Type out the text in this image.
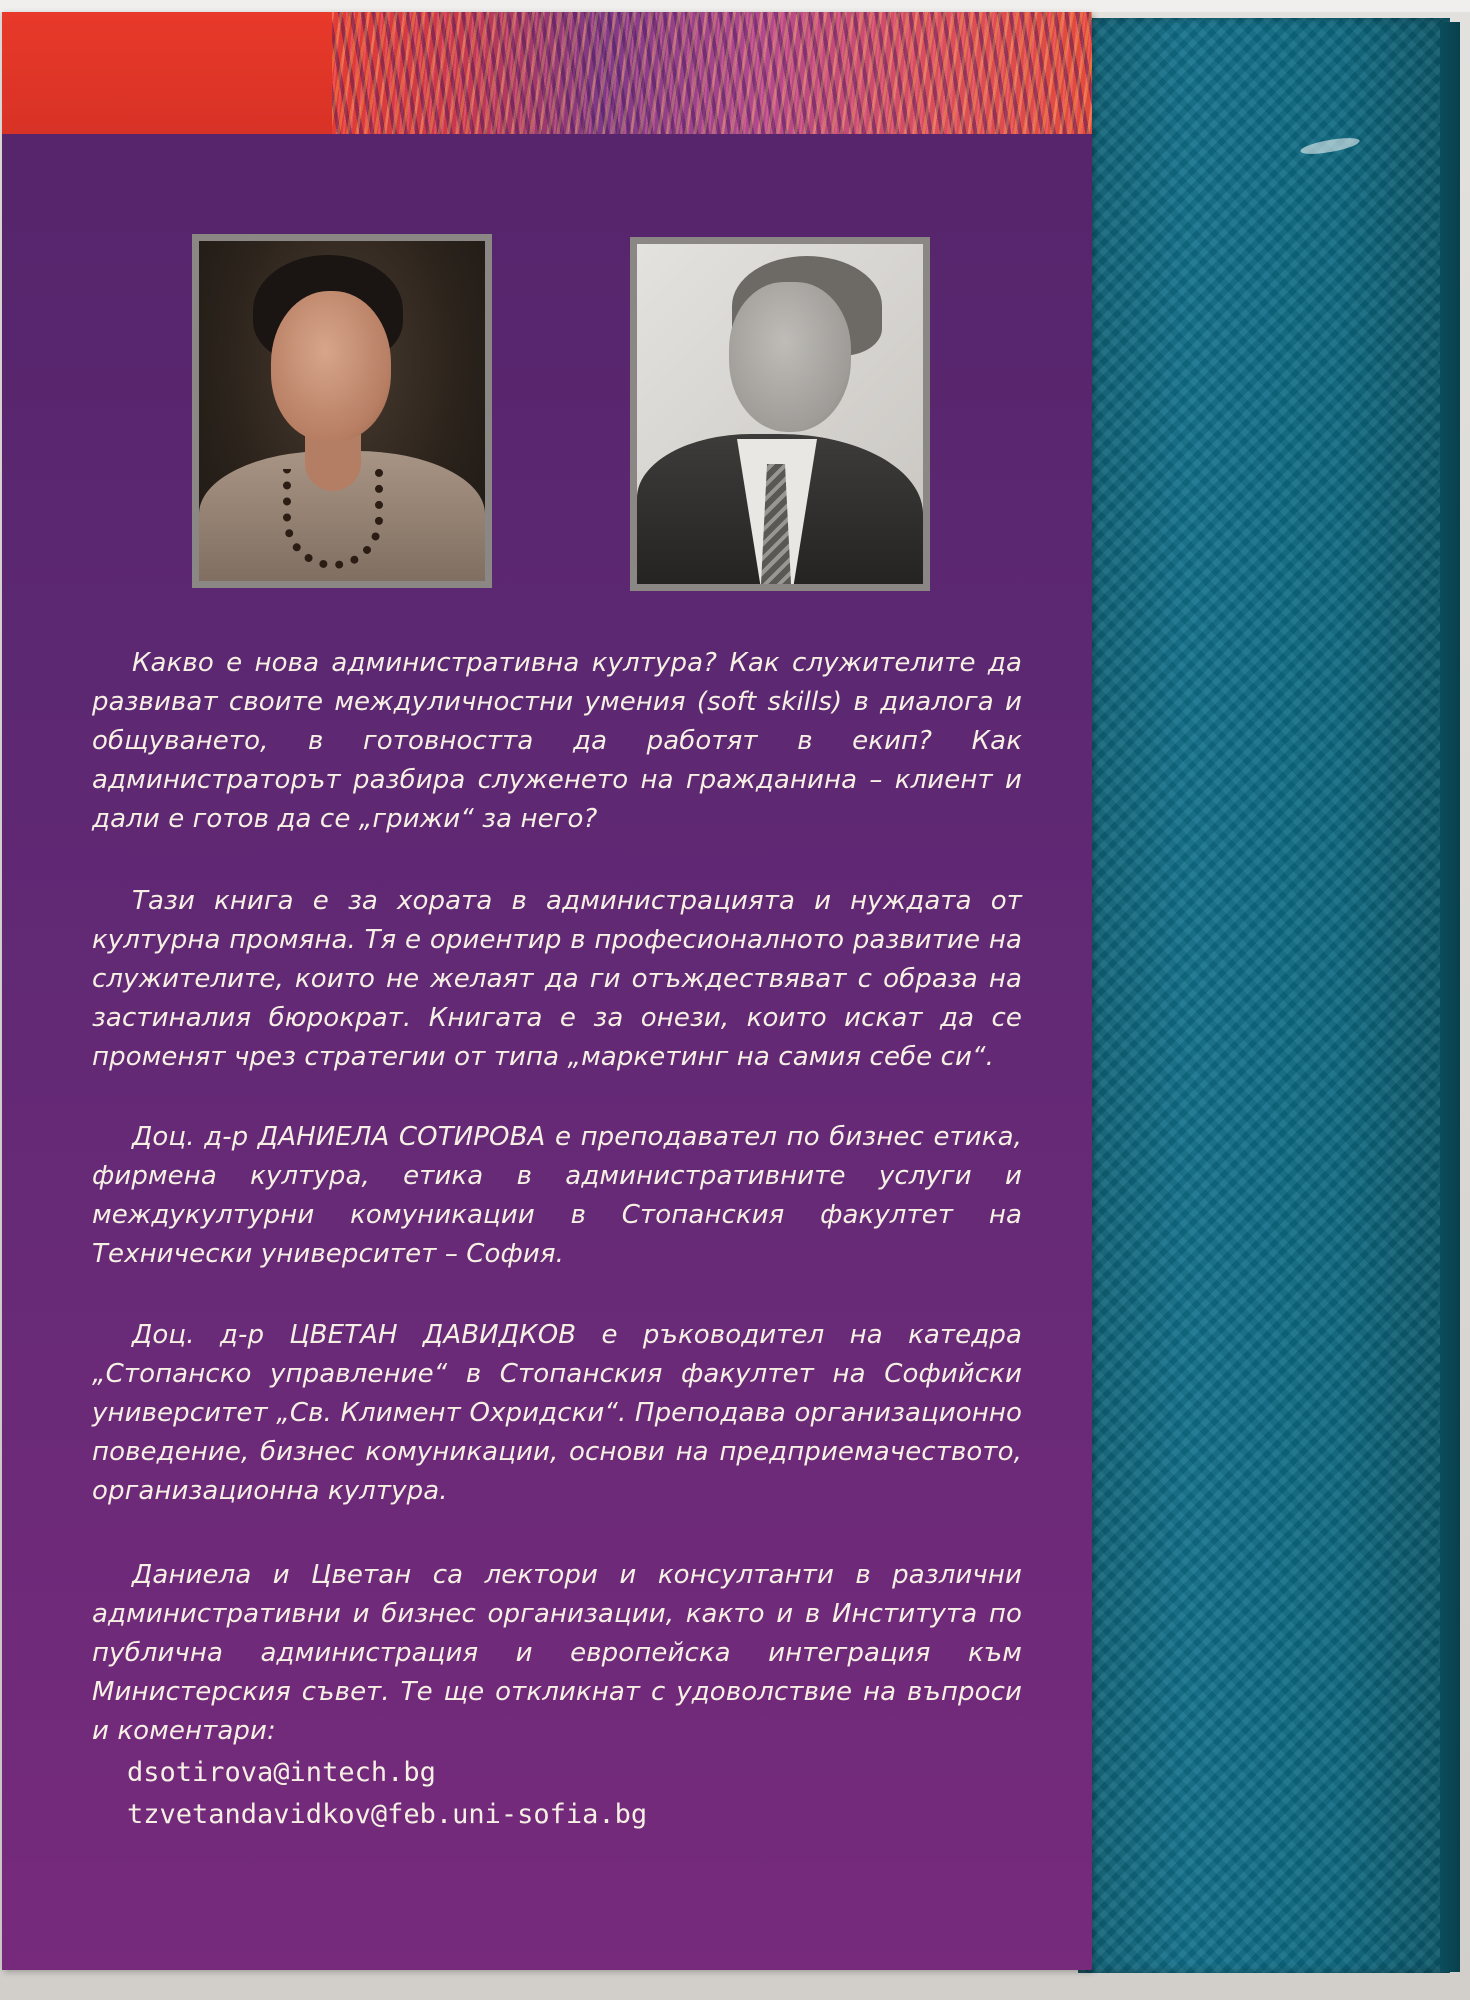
Какво е нова административна култура? Как служителите да развиват своите междуличностни умения (soft skills) в диалога и общуването, в готовността да работят в екип? Как администраторът разбира служенето на гражданина – клиент и дали е готов да се „грижи“ за него?

Тази книга е за хората в администрацията и нуждата от културна промяна. Тя е ориентир в професионалното развитие на служителите, които не желаят да ги отъждествяват с образа на застиналия бюрократ. Книгата е за онези, които искат да се променят чрез стратегии от типа „маркетинг на самия себе си“.

Доц. д-р ДАНИЕЛА СОТИРОВА е преподавател по бизнес етика, фирмена култура, етика в административните услуги и междукултурни комуникации в Стопанския факултет на Технически университет – София.

Доц. д-р ЦВЕТАН ДАВИДКОВ е ръководител на катедра „Стопанско управление“ в Стопанския факултет на Софийски университет „Св. Климент Охридски“. Преподава организационно поведение, бизнес комуникации, основи на предприемачеството, организационна култура.

Даниела и Цветан са лектори и консултанти в различни административни и бизнес организации, както и в Института по публична администрация и европейска интеграция към Министерския съвет. Те ще откликнат с удоволствие на въпроси и коментари:

dsotirova@intech.bg
tzvetandavidkov@feb.uni-sofia.bg
